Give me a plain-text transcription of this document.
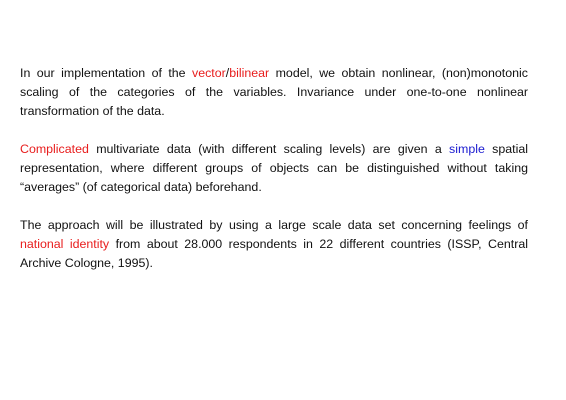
In our implementation of the vector/bilinear model, we obtain nonlinear, (non)monotonic scaling of the categories of the variables. Invariance under one-to-one nonlinear transformation of the data.

Complicated multivariate data (with different scaling levels) are given a simple spatial representation, where different groups of objects can be distinguished without taking “averages” (of categorical data) beforehand.

The approach will be illustrated by using a large scale data set concerning feelings of national identity from about 28.000 respondents in 22 different countries (ISSP, Central Archive Cologne, 1995).
